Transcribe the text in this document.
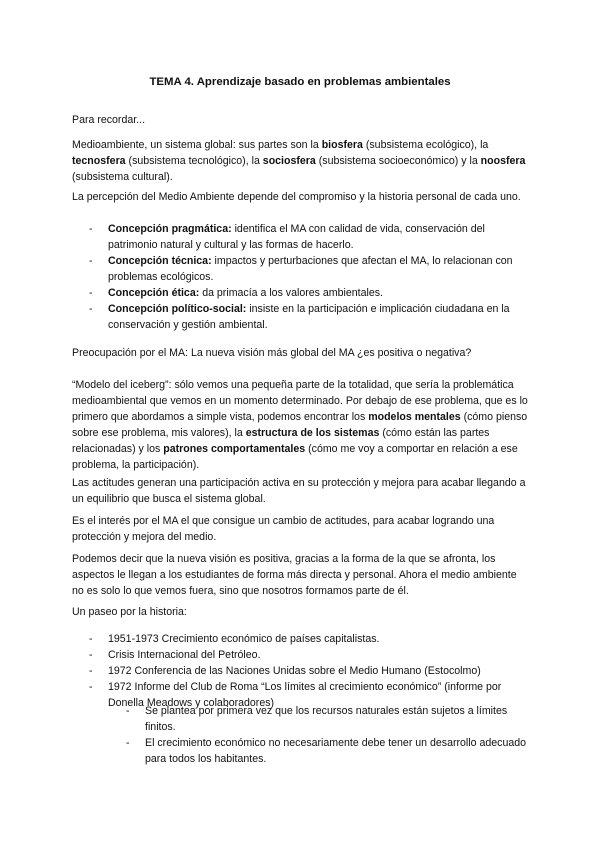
TEMA 4. Aprendizaje basado en problemas ambientales

Para recordar...

Medioambiente, un sistema global: sus partes son la biosfera (subsistema ecológico), la tecnosfera (subsistema tecnológico), la sociosfera (subsistema socioeconómico) y la noosfera (subsistema cultural).

La percepción del Medio Ambiente depende del compromiso y la historia personal de cada uno.

- Concepción pragmática: identifica el MA con calidad de vida, conservación del patrimonio natural y cultural y las formas de hacerlo.
- Concepción técnica: impactos y perturbaciones que afectan el MA, lo relacionan con problemas ecológicos.
- Concepción ética: da primacía a los valores ambientales.
- Concepción político-social: insiste en la participación e implicación ciudadana en la conservación y gestión ambiental.

Preocupación por el MA: La nueva visión más global del MA ¿es positiva o negativa?

“Modelo del iceberg”: sólo vemos una pequeña parte de la totalidad, que sería la problemática medioambiental que vemos en un momento determinado. Por debajo de ese problema, que es lo primero que abordamos a simple vista, podemos encontrar los modelos mentales (cómo pienso sobre ese problema, mis valores), la estructura de los sistemas (cómo están las partes relacionadas) y los patrones comportamentales (cómo me voy a comportar en relación a ese problema, la participación).

Las actitudes generan una participación activa en su protección y mejora para acabar llegando a un equilibrio que busca el sistema global.

Es el interés por el MA el que consigue un cambio de actitudes, para acabar logrando una protección y mejora del medio.

Podemos decir que la nueva visión es positiva, gracias a la forma de la que se afronta, los aspectos le llegan a los estudiantes de forma más directa y personal. Ahora el medio ambiente no es solo lo que vemos fuera, sino que nosotros formamos parte de él.

Un paseo por la historia:

- 1951-1973 Crecimiento económico de países capitalistas.
- Crisis Internacional del Petróleo.
- 1972 Conferencia de las Naciones Unidas sobre el Medio Humano (Estocolmo)
- 1972 Informe del Club de Roma “Los límites al crecimiento económico” (informe por Donella Meadows y colaboradores)
- Se plantea por primera vez que los recursos naturales están sujetos a límites finitos.
- El crecimiento económico no necesariamente debe tener un desarrollo adecuado para todos los habitantes.
